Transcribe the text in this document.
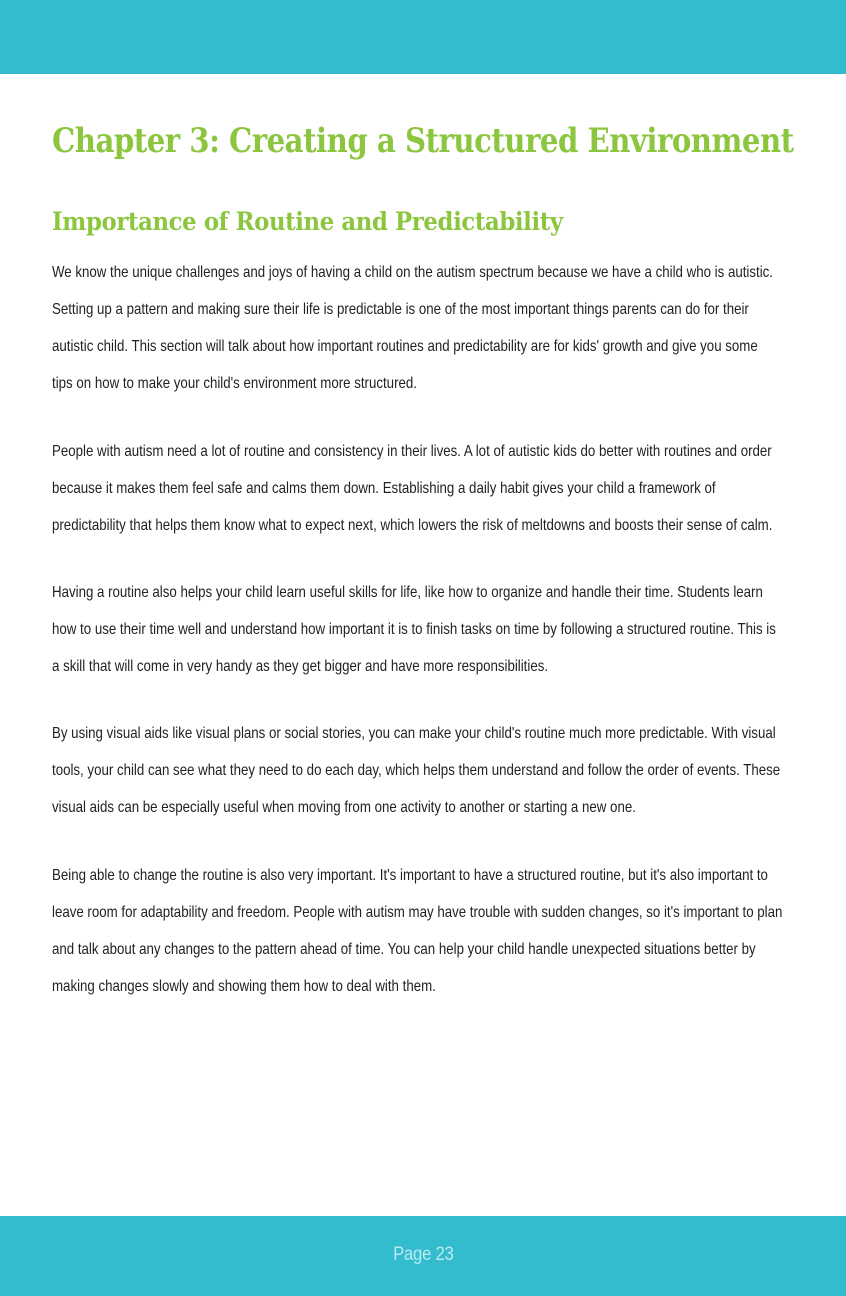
Chapter 3: Creating a Structured Environment
Importance of Routine and Predictability

We know the unique challenges and joys of having a child on the autism spectrum because we have a child who is autistic.
Setting up a pattern and making sure their life is predictable is one of the most important things parents can do for their
autistic child. This section will talk about how important routines and predictability are for kids' growth and give you some
tips on how to make your child's environment more structured.

People with autism need a lot of routine and consistency in their lives. A lot of autistic kids do better with routines and order
because it makes them feel safe and calms them down. Establishing a daily habit gives your child a framework of
predictability that helps them know what to expect next, which lowers the risk of meltdowns and boosts their sense of calm.

Having a routine also helps your child learn useful skills for life, like how to organize and handle their time. Students learn
how to use their time well and understand how important it is to finish tasks on time by following a structured routine. This is
a skill that will come in very handy as they get bigger and have more responsibilities.

By using visual aids like visual plans or social stories, you can make your child's routine much more predictable. With visual
tools, your child can see what they need to do each day, which helps them understand and follow the order of events. These
visual aids can be especially useful when moving from one activity to another or starting a new one.

Being able to change the routine is also very important. It's important to have a structured routine, but it's also important to
leave room for adaptability and freedom. People with autism may have trouble with sudden changes, so it's important to plan
and talk about any changes to the pattern ahead of time. You can help your child handle unexpected situations better by
making changes slowly and showing them how to deal with them.

Page 23
